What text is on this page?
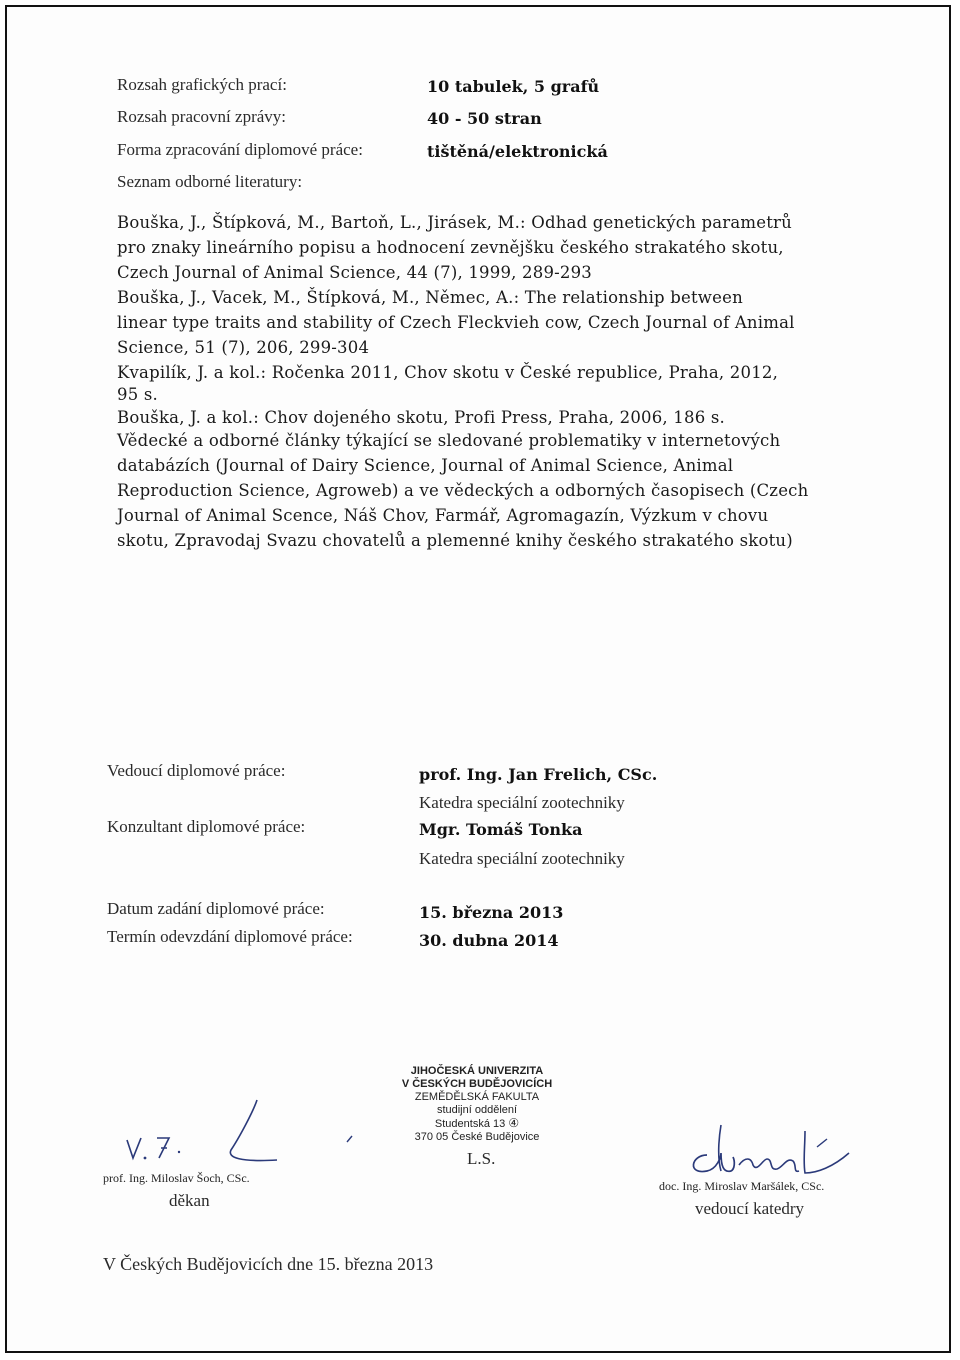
Rozsah grafických prací:	10 tabulek, 5 grafů
Rozsah pracovní zprávy:	40 - 50 stran
Forma zpracování diplomové práce:	tištěná/elektronická
Seznam odborné literatury:
Bouška, J., Štípková, M., Bartoň, L., Jirásek, M.: Odhad genetických parametrů
pro znaky lineárního popisu a hodnocení zevnějšku českého strakatého skotu,
Czech Journal of Animal Science, 44 (7), 1999, 289-293
Bouška, J., Vacek, M., Štípková, M., Němec, A.: The relationship between
linear type traits and stability of Czech Fleckvieh cow, Czech Journal of Animal
Science, 51 (7), 206, 299-304
Kvapilík, J. a kol.: Ročenka 2011, Chov skotu v České republice, Praha, 2012,
95 s.
Bouška, J. a kol.: Chov dojeného skotu, Profi Press, Praha, 2006, 186 s.
Vědecké a odborné články týkající se sledované problematiky v internetových
databázích (Journal of Dairy Science, Journal of Animal Science, Animal
Reproduction Science, Agroweb) a ve vědeckých a odborných časopisech (Czech
Journal of Animal Scence, Náš Chov, Farmář, Agromagazín, Výzkum v chovu
skotu, Zpravodaj Svazu chovatelů a plemenné knihy českého strakatého skotu)
Vedoucí diplomové práce:	prof. Ing. Jan Frelich, CSc.
Katedra speciální zootechniky
Konzultant diplomové práce:	Mgr. Tomáš Tonka
Katedra speciální zootechniky
Datum zadání diplomové práce:	15. března 2013
Termín odevzdání diplomové práce:	30. dubna 2014
JIHOČESKÁ UNIVERZITA
V ČESKÝCH BUDĚJOVICÍCH
ZEMĚDĚLSKÁ FAKULTA
studijní oddělení
Studentská 13 ④
370 05 České Budějovice
L.S.
prof. Ing. Miloslav Šoch, CSc.
děkan
doc. Ing. Miroslav Maršálek, CSc.
vedoucí katedry
V Českých Budějovicích dne 15. března 2013
